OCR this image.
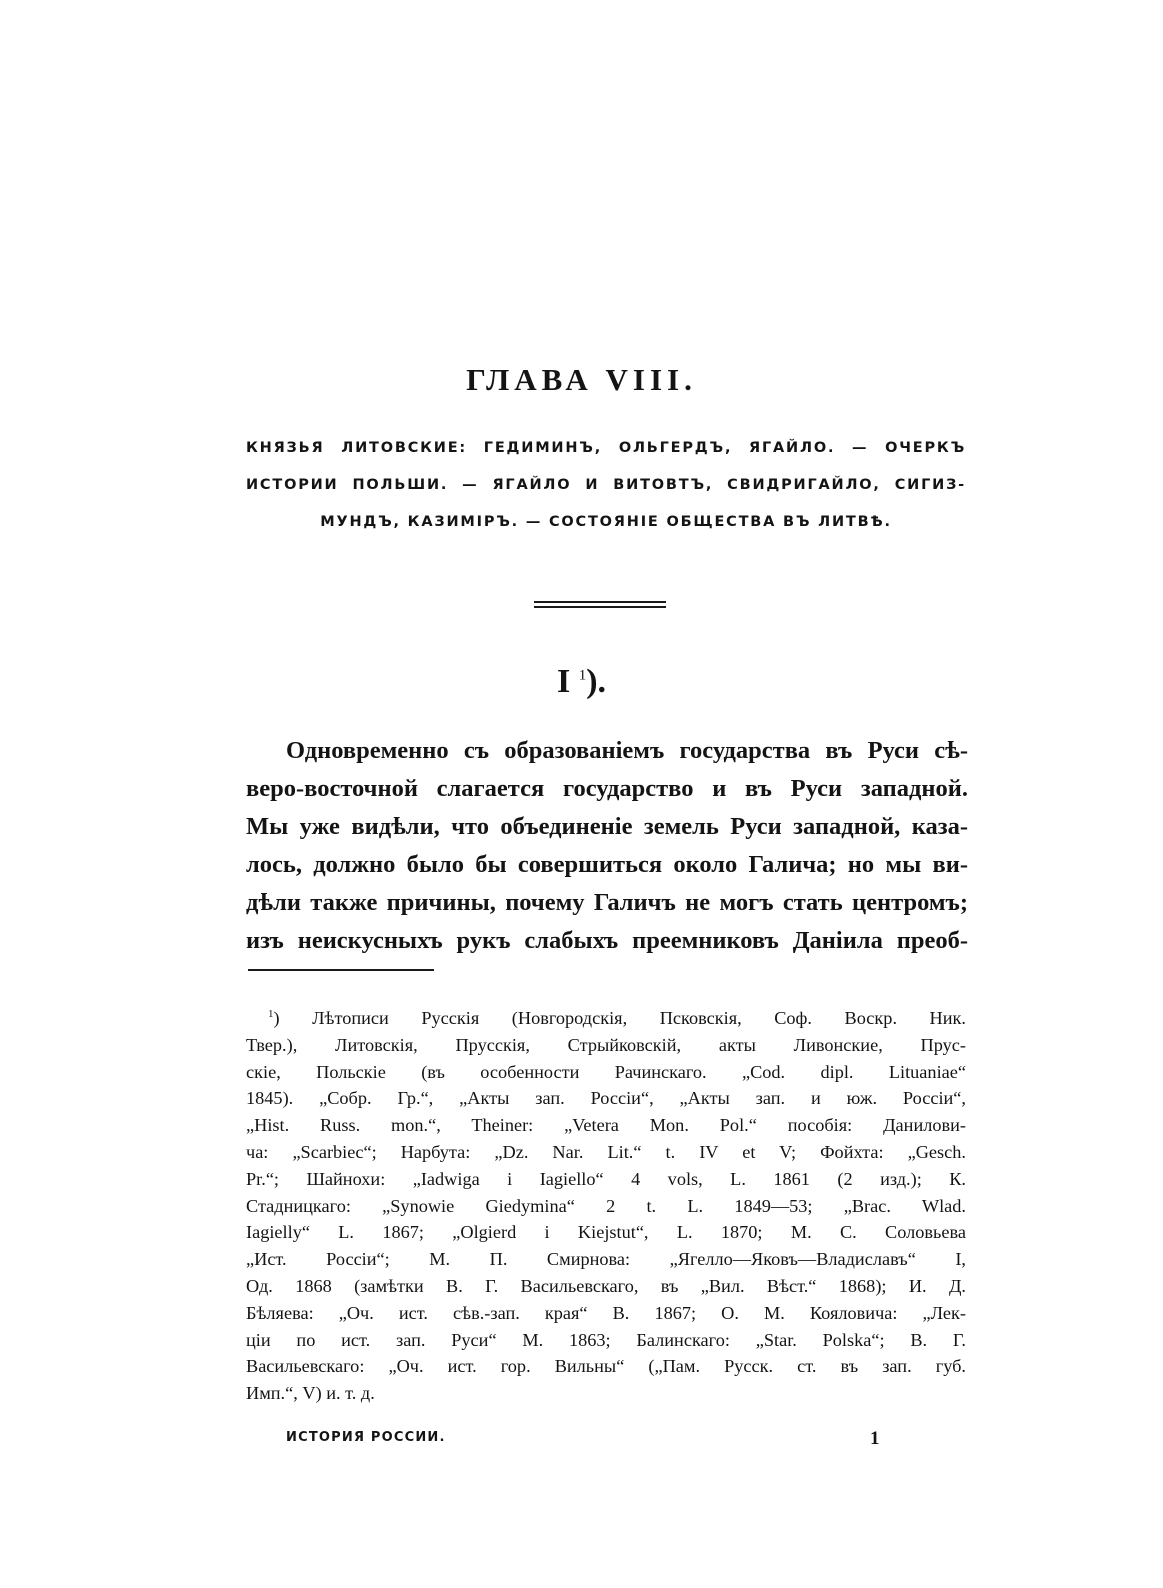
ГЛАВА VIII.

КНЯЗЬЯ ЛИТОВСКИЕ: ГЕДИМИНЪ, ОЛЬГЕРДЪ, ЯГАЙЛО. — ОЧЕРКЪ
ИСТОРИИ ПОЛЬШИ. — ЯГАЙЛО И ВИТОВТЪ, СВИДРИГАЙЛО, СИГИЗ-
МУНДЪ, КАЗИМІРЪ. — СОСТОЯНІЕ ОБЩЕСТВА ВЪ ЛИТВѢ.

I $^1$).

Одновременно съ образованіемъ государства въ Руси сѣ-
веро-восточной слагается государство и въ Руси западной.
Мы уже видѣли, что объединеніе земель Руси западной, каза-
лось, должно было бы совершиться около Галича; но мы ви-
дѣли также причины, почему Галичъ не могъ стать центромъ;
изъ неискусныхъ рукъ слабыхъ преемниковъ Даніила преоб-

$^1$) Лѣтописи Русскія (Новгородскія, Псковскія, Соф. Воскр. Ник.
Твер.), Литовскія, Прусскія, Стрыйковскій, акты Ливонские, Прус-
скіе, Польскіе (въ особенности Рачинскаго. „Cod. dipl. Lituaniae“
1845). „Собр. Гр.“, „Акты зап. Россіи“, „Акты зап. и юж. Россіи“,
„Hist. Russ. mon.“, Theiner: „Vetera Mon. Pol.“ пособія: Данилови-
ча: „Scarbiec“; Нарбута: „Dz. Nar. Lit.“ t. IV et V; Фойхта: „Gesch.
Pr.“; Шайнохи: „Iadwiga i Iagiello“ 4 vols, L. 1861 (2 изд.); К.
Стадницкаго: „Synowie Giedymina“ 2 t. L. 1849—53; „Brac. Wlad.
Iagielly“ L. 1867; „Olgierd i Kiejstut“, L. 1870; М. С. Соловьева
„Ист. Россіи“; М. П. Смирнова: „Ягелло—Яковъ—Владиславъ“ I,
Од. 1868 (замѣтки В. Г. Васильевскаго, въ „Вил. Вѣст.“ 1868); И. Д.
Бѣляева: „Оч. ист. сѣв.-зап. края“ В. 1867; О. М. Кояловича: „Лек-
ціи по ист. зап. Руси“ М. 1863; Балинскаго: „Star. Polska“; В. Г.
Васильевскаго: „Оч. ист. гор. Вильны“ („Пам. Русск. ст. въ зап. губ.
Имп.“, V) и. т. д.

ИСТОРИЯ РОССИИ.	1
